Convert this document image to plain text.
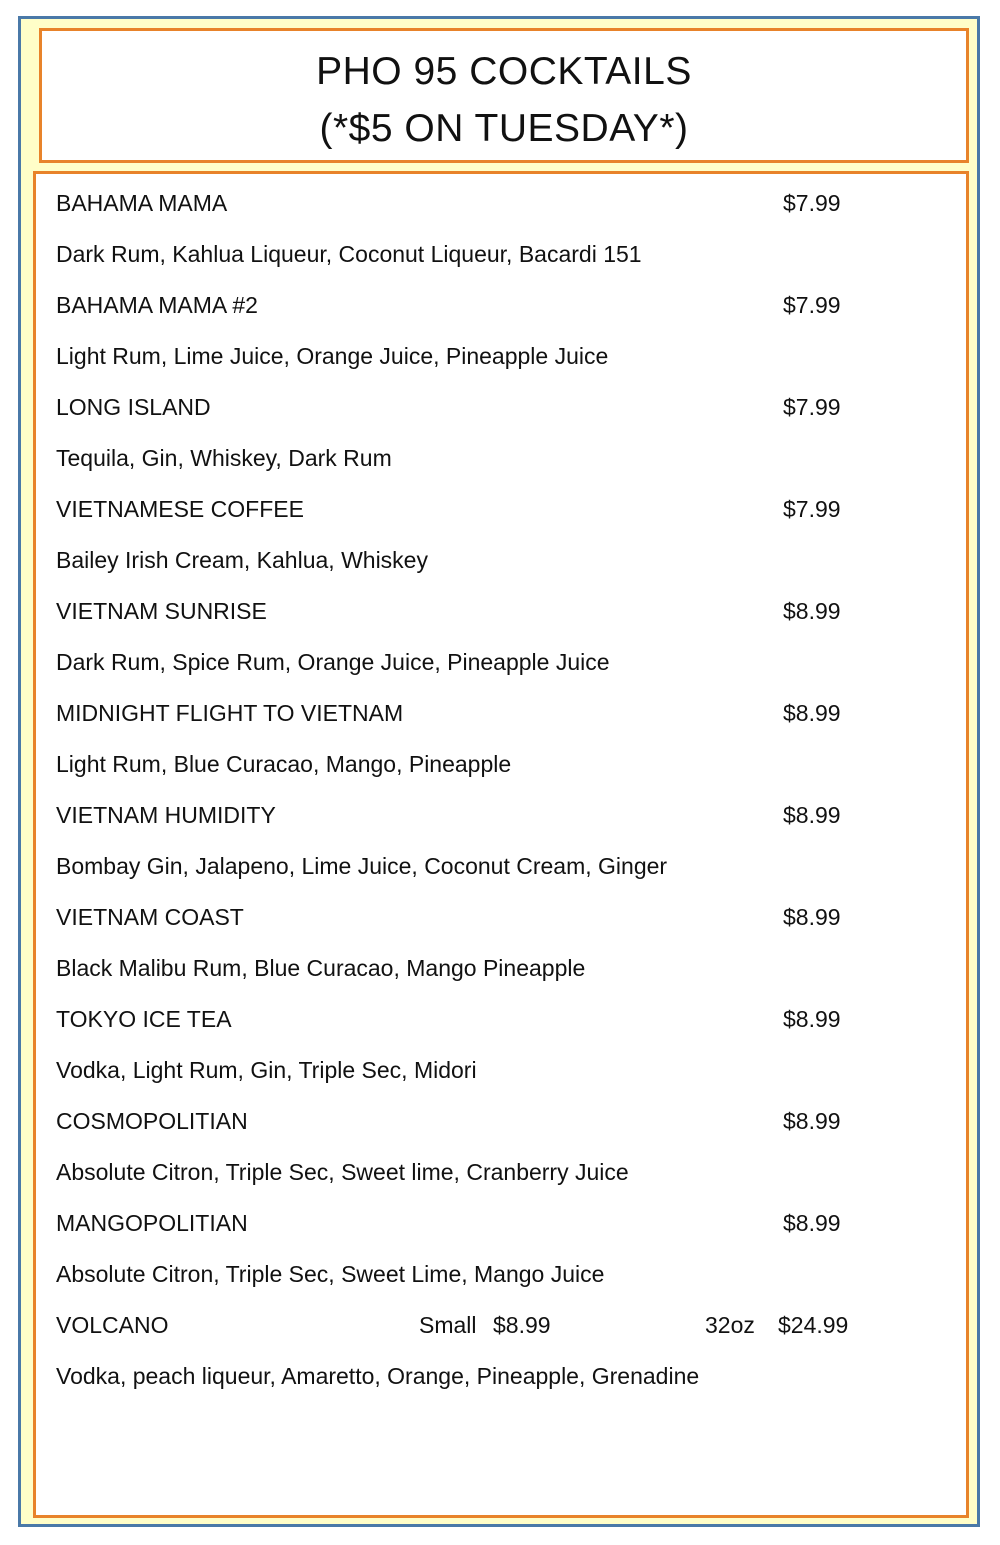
PHO 95 COCKTAILS
(*$5 ON TUESDAY*)
BAHAMA MAMA	$7.99
Dark Rum, Kahlua Liqueur, Coconut Liqueur, Bacardi 151
BAHAMA MAMA #2	$7.99
Light Rum, Lime Juice, Orange Juice, Pineapple Juice
LONG ISLAND	$7.99
Tequila, Gin, Whiskey, Dark Rum
VIETNAMESE COFFEE	$7.99
Bailey Irish Cream, Kahlua, Whiskey
VIETNAM SUNRISE	$8.99
Dark Rum, Spice Rum, Orange Juice, Pineapple Juice
MIDNIGHT FLIGHT TO VIETNAM	$8.99
Light Rum, Blue Curacao, Mango, Pineapple
VIETNAM HUMIDITY	$8.99
Bombay Gin, Jalapeno, Lime Juice, Coconut Cream, Ginger
VIETNAM COAST	$8.99
Black Malibu Rum, Blue Curacao, Mango Pineapple
TOKYO ICE TEA	$8.99
Vodka, Light Rum, Gin, Triple Sec, Midori
COSMOPOLITIAN	$8.99
Absolute Citron, Triple Sec, Sweet lime, Cranberry Juice
MANGOPOLITIAN	$8.99
Absolute Citron, Triple Sec, Sweet Lime, Mango Juice
VOLCANO	Small $8.99	32oz $24.99
Vodka, peach liqueur, Amaretto, Orange, Pineapple, Grenadine
